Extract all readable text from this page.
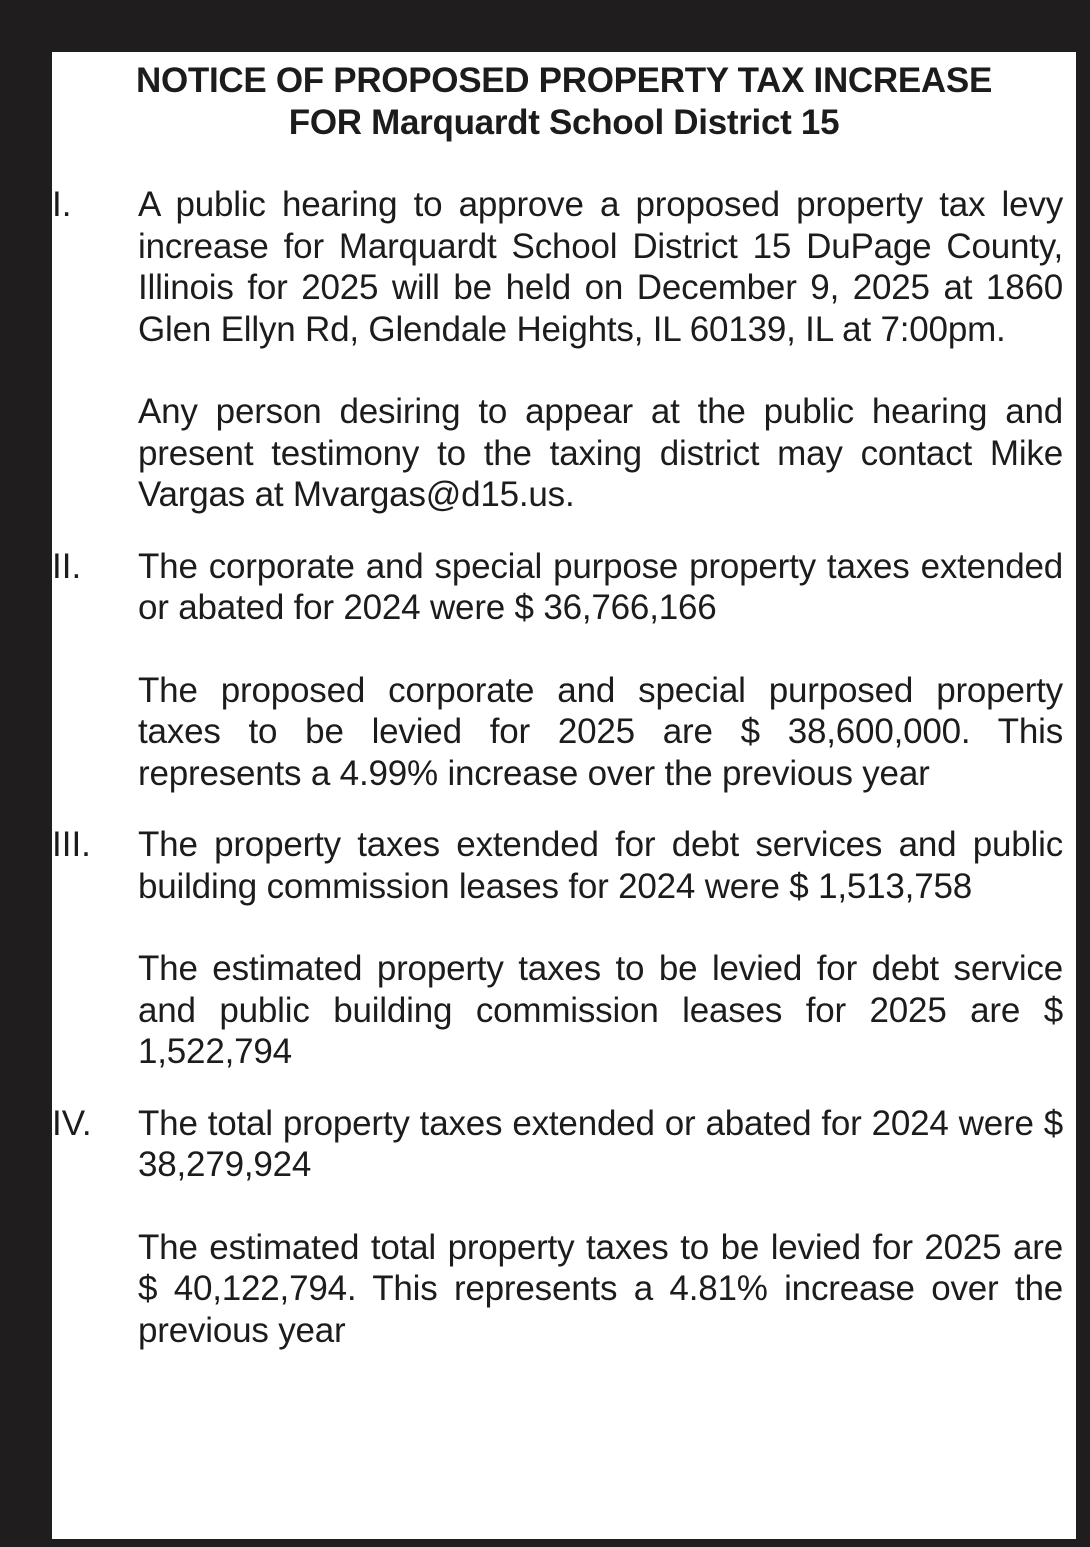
NOTICE OF PROPOSED PROPERTY TAX INCREASE
FOR Marquardt School District 15
I. A public hearing to approve a proposed property tax levy increase for Marquardt School District 15 DuPage County, Illinois for 2025 will be held on December 9, 2025 at 1860 Glen Ellyn Rd, Glendale Heights, IL 60139, IL at 7:00pm.

Any person desiring to appear at the public hearing and present testimony to the taxing district may contact Mike Vargas at Mvargas@d15.us.

II. The corporate and special purpose property taxes extended or abated for 2024 were $ 36,766,166

The proposed corporate and special purposed property taxes to be levied for 2025 are $ 38,600,000. This represents a 4.99% increase over the previous year

III. The property taxes extended for debt services and public building commission leases for 2024 were $ 1,513,758

The estimated property taxes to be levied for debt service and public building commission leases for 2025 are $ 1,522,794

IV. The total property taxes extended or abated for 2024 were $ 38,279,924

The estimated total property taxes to be levied for 2025 are $ 40,122,794. This represents a 4.81% increase over the previous year
